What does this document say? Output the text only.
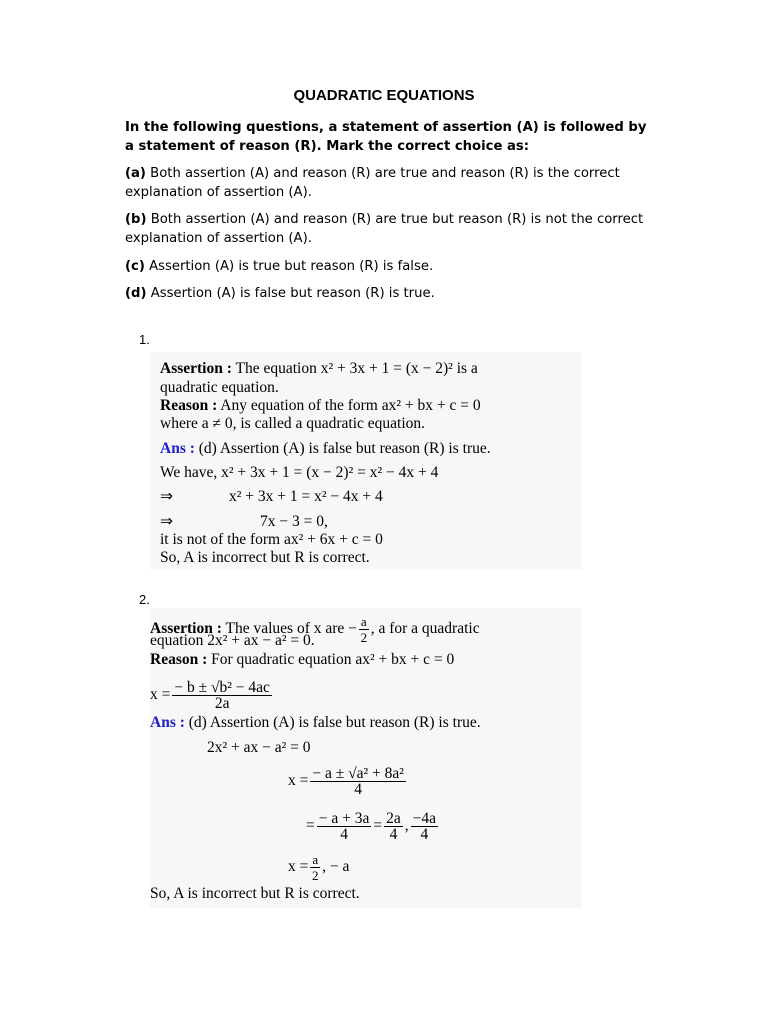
QUADRATIC EQUATIONS
In the following questions, a statement of assertion (A) is followed by a statement of reason (R). Mark the correct choice as:
(a) Both assertion (A) and reason (R) are true and reason (R) is the correct explanation of assertion (A).
(b) Both assertion (A) and reason (R) are true but reason (R) is not the correct explanation of assertion (A).
(c) Assertion (A) is true but reason (R) is false.
(d) Assertion (A) is false but reason (R) is true.
1.
Assertion : The equation x² + 3x + 1 = (x − 2)² is a
quadratic equation.
Reason : Any equation of the form ax² + bx + c = 0
where a ≠ 0, is called a quadratic equation.
Ans : (d) Assertion (A) is false but reason (R) is true.
We have, x² + 3x + 1 = (x − 2)² = x² − 4x + 4
⇒	x² + 3x + 1 = x² − 4x + 4
⇒	7x − 3 = 0,
it is not of the form ax² + 6x + c = 0
So, A is incorrect but R is correct.
2.
Assertion : The values of x are − $\frac{a}{2}$ , a for a quadratic
equation 2x² + ax − a² = 0.
Reason : For quadratic equation ax² + bx + c = 0
$x = \frac{\text{− b ± √b² − 4ac}}{2a}$
Ans : (d) Assertion (A) is false but reason (R) is true.
2x² + ax − a² = 0
$x = \frac{\text{− a ± √a² + 8a²}}{4}$
= $\frac{- a + 3a}{4} = \frac{2a}{4}$ , $\frac{-4a}{4}$
$x = \frac{a}{2}$ , − a
So, A is incorrect but R is correct.
